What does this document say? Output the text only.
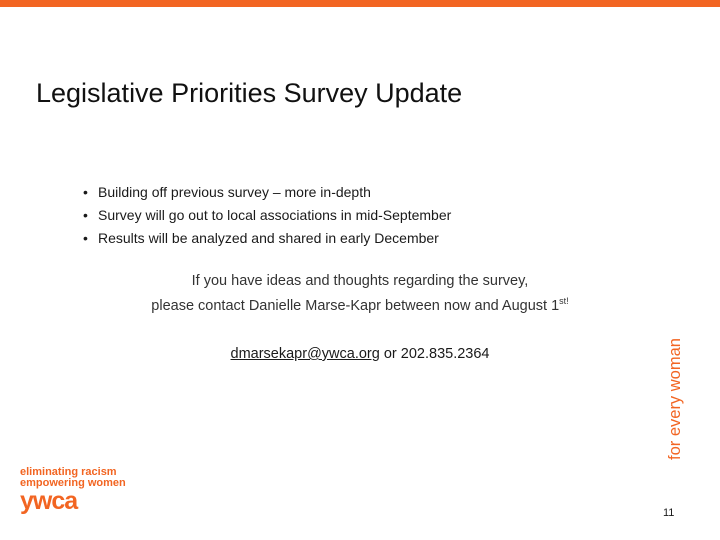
Legislative Priorities Survey Update
• Building off previous survey – more in-depth
• Survey will go out to local associations in mid-September
• Results will be analyzed and shared in early December
If you have ideas and thoughts regarding the survey,
please contact Danielle Marse-Kapr between now and August $1^{st!}$
dmarsekapr@ywca.org or 202.835.2364	for every woman
eliminating racism
empowering women
ywca	11
